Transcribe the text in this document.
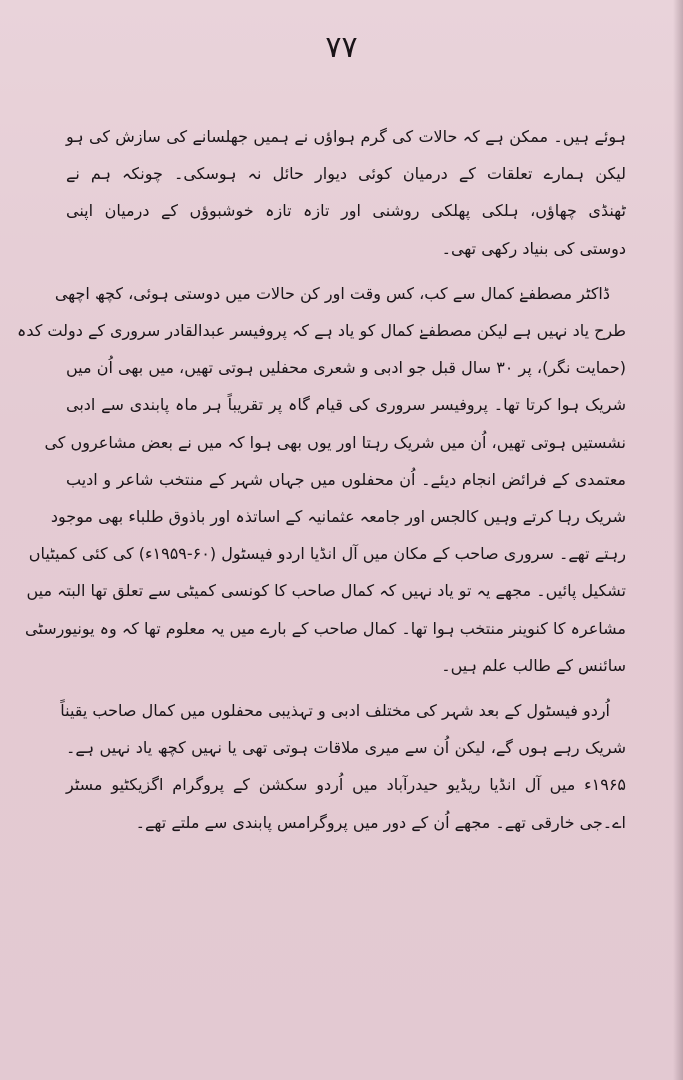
۷۷
ہوئے ہیں۔ ممکن ہے کہ حالات کی گرم ہواؤں نے ہمیں جھلسانے کی سازش کی ہو
لیکن ہمارے تعلقات کے درمیان کوئی دیوار حائل نہ ہوسکی۔ چونکہ ہم نے
ٹھنڈی چھاؤں، ہلکی پھلکی روشنی اور تازہ تازہ خوشبوؤں کے درمیان اپنی
دوستی کی بنیاد رکھی تھی۔
ڈاکٹر مصطفےٰ کمال سے کب، کس وقت اور کن حالات میں دوستی ہوئی، کچھ اچھی
طرح یاد نہیں ہے لیکن مصطفےٰ کمال کو یاد ہے کہ پروفیسر عبدالقادر سروری کے دولت کدہ
(حمایت نگر)، پر ۳۰ سال قبل جو ادبی و شعری محفلیں ہوتی تھیں، میں بھی اُن میں
شریک ہوا کرتا تھا۔ پروفیسر سروری کی قیام گاہ پر تقریباً ہر ماہ پابندی سے ادبی
نشستیں ہوتی تھیں، اُن میں شریک رہتا اور یوں بھی ہوا کہ میں نے بعض مشاعروں کی
معتمدی کے فرائض انجام دیئے۔ اُن محفلوں میں جہاں شہر کے منتخب شاعر و ادیب
شریک رہا کرتے وہیں کالجس اور جامعہ عثمانیہ کے اساتذہ اور باذوق طلباء بھی موجود
رہتے تھے۔ سروری صاحب کے مکان میں آل انڈیا اردو فیسٹول (۶۰-۱۹۵۹ء) کی کئی کمیٹیاں
تشکیل پائیں۔ مجھے یہ تو یاد نہیں کہ کمال صاحب کا کونسی کمیٹی سے تعلق تھا البتہ میں
مشاعرہ کا کنوینر منتخب ہوا تھا۔ کمال صاحب کے بارے میں یہ معلوم تھا کہ وہ یونیورسٹی
سائنس کے طالب علم ہیں۔
اُردو فیسٹول کے بعد شہر کی مختلف ادبی و تہذیبی محفلوں میں کمال صاحب یقیناً
شریک رہے ہوں گے، لیکن اُن سے میری ملاقات ہوتی تھی یا نہیں کچھ یاد نہیں ہے۔
۱۹۶۵ء میں آل انڈیا ریڈیو حیدرآباد میں اُردو سکشن کے پروگرام اگزیکٹیو مسٹر
اے۔جی خارقی تھے۔ مجھے اُن کے دور میں پروگرامس پابندی سے ملتے تھے۔
